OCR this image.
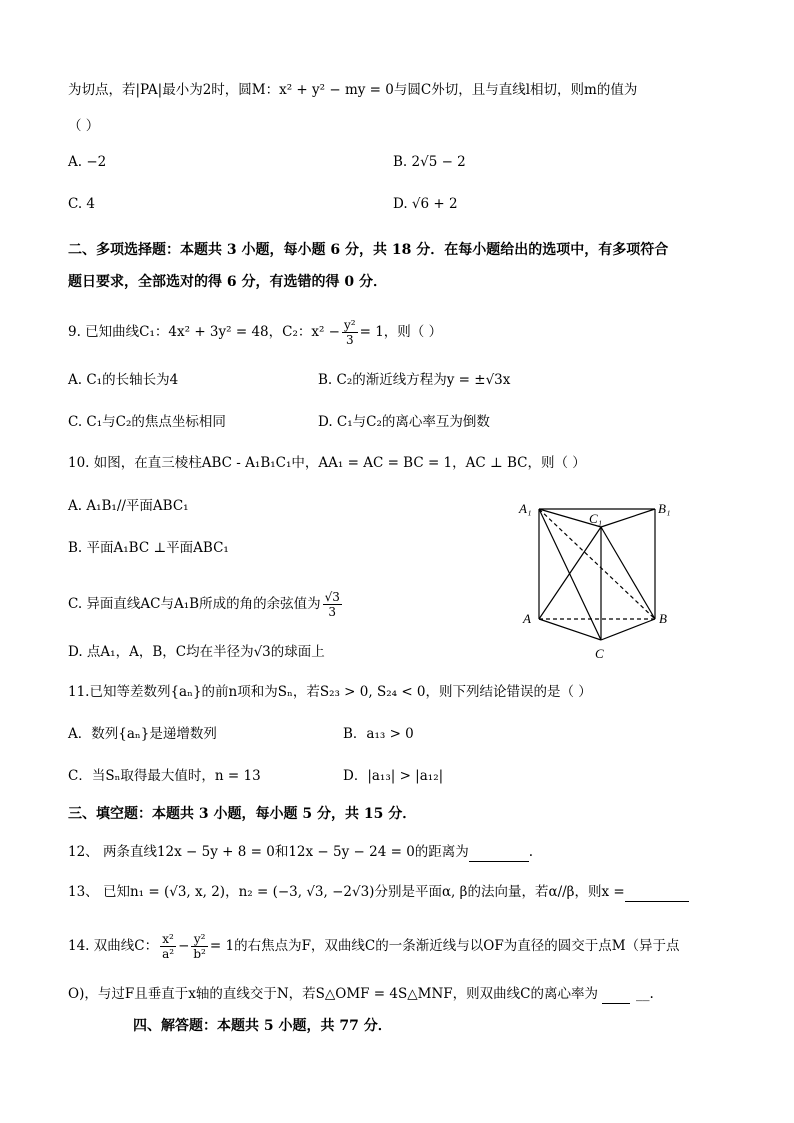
为切点，若|PA|最小为2时，圆M：x² + y² − my = 0与圆C外切，且与直线l相切，则m的值为
（ ）
A. −2	B. 2√5 − 2
C. 4	D. √6 + 2
二、多项选择题：本题共 3 小题，每小题 6 分，共 18 分．在每小题给出的选项中，有多项符合
题日要求，全部选对的得 6 分，有选错的得 0 分．
9. 已知曲线C₁：4x² + 3y² = 48，C₂：$x^2 - \frac{\text{y²}}{3} = 1$，则（ ）
A. C₁的长轴长为4	B. C₂的渐近线方程为y = ±√3x
C. C₁与C₂的焦点坐标相同	D. C₁与C₂的离心率互为倒数
10. 如图，在直三棱柱ABC - A₁B₁C₁中，AA₁ = AC = BC = 1，AC ⊥ BC，则（ ）
A. A₁B₁//平面ABC₁
B. 平面A₁BC ⊥平面ABC₁
C. 异面直线AC与A₁B所成的角的余弦值为 $\frac{√3}{3}$
D. 点A₁，A，B，C均在半径为√3的球面上
A₁	B₁
C₁
A	B
C
11.已知等差数列{aₙ}的前n项和为Sₙ，若S₂₃ > 0, S₂₄ < 0，则下列结论错误的是（ ）
A．数列{aₙ}是递增数列	B．a₁₃ > 0
C．当Sₙ取得最大值时，n = 13	D．|a₁₃| > |a₁₂|
三、填空题：本题共 3 小题，每小题 5 分，共 15 分．
12、 两条直线12x − 5y + 8 = 0和12x − 5y − 24 = 0的距离为	.
13、 已知n₁ = (√3, x, 2)，n₂ = (−3, √3, −2√3)分别是平面α, β的法向量，若α//β，则x =
14. 双曲线C： $\frac{\text{x²}}{\text{a²}} - \frac{\text{y²}}{\text{b²}} = 1$的右焦点为F，双曲线C的一条渐近线与以OF为直径的圆交于点M（异于点
O)，与过F且垂直于x轴的直线交于N，若S△OMF = 4S△MNF，则双曲线C的离心率为	__.
四、解答题：本题共 5 小题，共 77 分．
